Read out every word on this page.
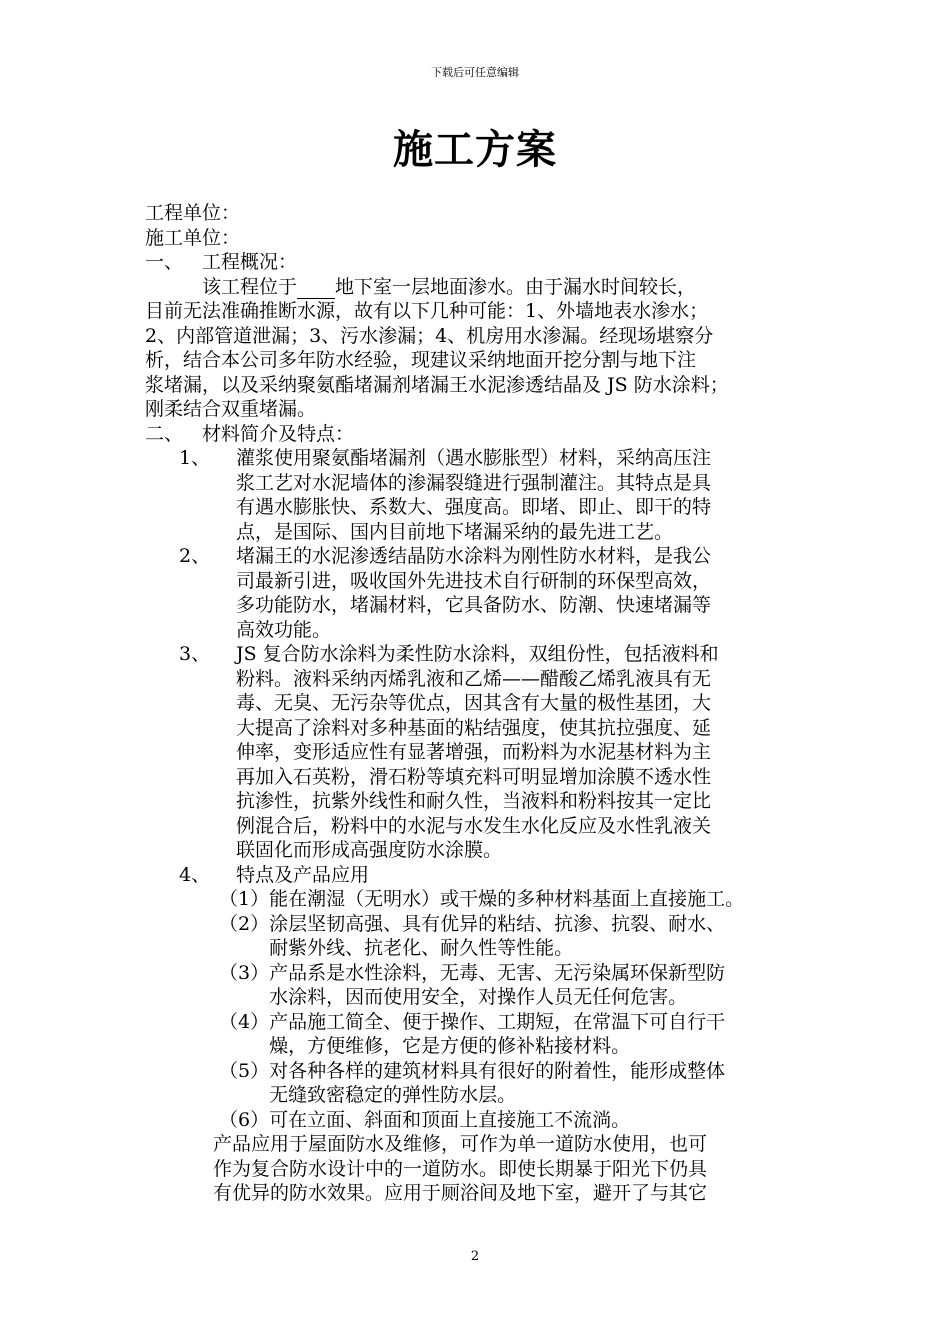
下载后可任意编辑
施工方案
工程单位：
施工单位：
一、 工程概况：
该工程位于   地下室一层地面渗水。由于漏水时间较长，
目前无法准确推断水源，故有以下几种可能：1、外墙地表水渗水；
2、内部管道泄漏；3、污水渗漏；4、机房用水渗漏。经现场堪察分
析，结合本公司多年防水经验，现建议采纳地面开挖分割与地下注
浆堵漏，以及采纳聚氨酯堵漏剂堵漏王水泥渗透结晶及 JS 防水涂料；
刚柔结合双重堵漏。
二、 材料简介及特点：
1、	灌浆使用聚氨酯堵漏剂（遇水膨胀型）材料，采纳高压注
浆工艺对水泥墙体的渗漏裂缝进行强制灌注。其特点是具
有遇水膨胀快、系数大、强度高。即堵、即止、即干的特
点，是国际、国内目前地下堵漏采纳的最先进工艺。
2、	堵漏王的水泥渗透结晶防水涂料为刚性防水材料，是我公
司最新引进，吸收国外先进技术自行研制的环保型高效，
多功能防水，堵漏材料，它具备防水、防潮、快速堵漏等
高效功能。
3、	JS 复合防水涂料为柔性防水涂料，双组份性，包括液料和
粉料。液料采纳丙烯乳液和乙烯——醋酸乙烯乳液具有无
毒、无臭、无污杂等优点，因其含有大量的极性基团，大
大提高了涂料对多种基面的粘结强度，使其抗拉强度、延
伸率，变形适应性有显著增强，而粉料为水泥基材料为主
再加入石英粉，滑石粉等填充料可明显增加涂膜不透水性
抗渗性，抗紫外线性和耐久性，当液料和粉料按其一定比
例混合后，粉料中的水泥与水发生水化反应及水性乳液关
联固化而形成高强度防水涂膜。
4、	特点及产品应用
（1） 能在潮湿（无明水）或干燥的多种材料基面上直接施工。
（2） 涂层坚韧高强、具有优异的粘结、抗渗、抗裂、耐水、
耐紫外线、抗老化、耐久性等性能。
（3） 产品系是水性涂料，无毒、无害、无污染属环保新型防
水涂料，因而使用安全，对操作人员无任何危害。
（4） 产品施工简全、便于操作、工期短，在常温下可自行干
燥，方便维修，它是方便的修补粘接材料。
（5） 对各种各样的建筑材料具有很好的附着性，能形成整体
无缝致密稳定的弹性防水层。
（6） 可在立面、斜面和顶面上直接施工不流淌。
产品应用于屋面防水及维修，可作为单一道防水使用，也可
作为复合防水设计中的一道防水。即使长期暴于阳光下仍具
有优异的防水效果。应用于厕浴间及地下室，避开了与其它
2
